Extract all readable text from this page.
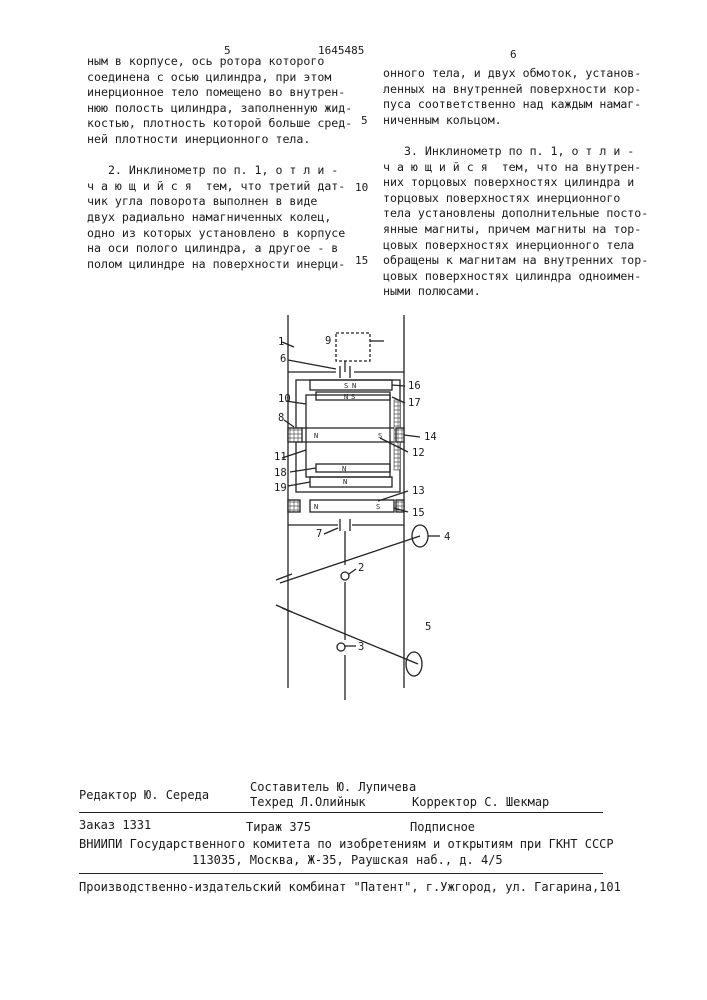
5	1645485	6
ным в корпусе, ось ротора которого
соединена с осью цилиндра, при этом
инерционное тело помещено во внутрен-
нюю полость цилиндра, заполненную жид-
костью, плотность которой больше сред-
ней плотности инерционного тела.

2. Инклинометр по п. 1, о т л и -
ч а ю щ и й с я  тем, что третий дат-
чик угла поворота выполнен в виде
двух радиально намагниченных колец,
одно из которых установлено в корпусе
на оси полого цилиндра, а другое - в
полом цилиндре на поверхности инерци-
5
10
15
онного тела, и двух обмоток, установ-
ленных на внутренней поверхности кор-
пуса соответственно над каждым намаг-
ниченным кольцом.

3. Инклинометр по п. 1, о т л и -
ч а ю щ и й с я  тем, что на внутрен-
них торцовых поверхностях цилиндра и
торцовых поверхностях инерционного
тела установлены дополнительные посто-
янные магниты, причем магниты на тор-
цовых поверхностях инерционного тела
обращены к магнитам на внутренних тор-
цовых поверхностях цилиндра одноимен-
ными полюсами.
1
6
9
16
10	17
8
14
12
11
18
19	13
15
7	4
2
3
5
S N
N S
N	S
N
N
N	S
Составитель Ю. Лупичева
Редактор Ю. Середа	Техред Л.Олийнык	Корректор С. Шекмар
Заказ 1331	Тираж 375	Подписное
ВНИИПИ Государственного комитета по изобретениям и открытиям при ГКНТ СССР
113035, Москва, Ж-35, Раушская наб., д. 4/5
Производственно-издательский комбинат "Патент", г.Ужгород, ул. Гагарина,101
